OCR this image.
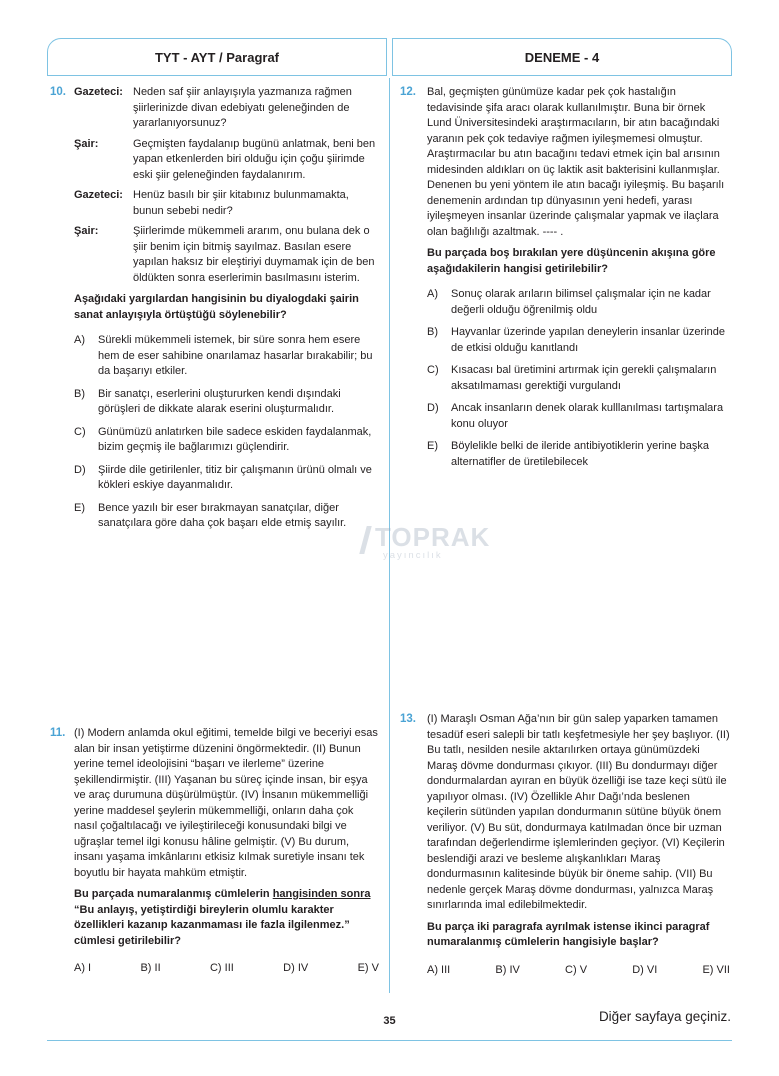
TYT - AYT / Paragraf	DENEME - 4
10. Gazeteci: Neden saf şiir anlayışıyla yazmanıza rağmen şiirlerinizde divan edebiyatı geleneğinden de yararlanıyorsunuz?
Şair:	Geçmişten faydalanıp bugünü anlatmak, beni ben yapan etkenlerden biri olduğu için çoğu şiirimde eski şiir geleneğinden faydalanırım.
Gazeteci: Henüz basılı bir şiir kitabınız bulunmamakta, bunun sebebi nedir?
Şair:	Şiirlerimde mükemmeli ararım, onu bulana dek o şiir benim için bitmiş sayılmaz. Basılan esere yapılan haksız bir eleştiriyi duymamak için de ben öldükten sonra eserlerimin basılmasını isterim.

Aşağıdaki yargılardan hangisinin bu diyalogdaki şairin sanat anlayışıyla örtüştüğü söylenebilir?

A)	Sürekli mükemmeli istemek, bir süre sonra hem esere hem de eser sahibine onarılamaz hasarlar bırakabilir; bu da başarıyı etkiler.
B)	Bir sanatçı, eserlerini oluştururken kendi dışındaki görüşleri de dikkate alarak eserini oluşturmalıdır.
C)	Günümüzü anlatırken bile sadece eskiden faydalanmak, bizim geçmiş ile bağlarımızı güçlendirir.
D)	Şiirde dile getirilenler, titiz bir çalışmanın ürünü olmalı ve kökleri eskiye dayanmalıdır.
E)	Bence yazılı bir eser bırakmayan sanatçılar, diğer sanatçılara göre daha çok başarı elde etmiş sayılır.	TOPRAK
yayıncılık
11. (I) Modern anlamda okul eğitimi, temelde bilgi ve beceriyi esas alan bir insan yetiştirme düzenini öngörmektedir. (II) Bunun yerine temel ideolojisini “başarı ve ilerleme” üzerine şekillendirmiştir. (III) Yaşanan bu süreç içinde insan, bir eşya ve araç durumuna düşürülmüştür. (IV) İnsanın mükemmelliği yerine maddesel şeylerin mükemmelliği, onların daha çok nasıl çoğaltılacağı ve iyileştirileceği konusundaki bilgi ve uğraşlar temel ilgi konusu hâline gelmiştir. (V) Bu durum, insanı yaşama imkânlarını etkisiz kılmak suretiyle insanı tek boyutlu bir hayata mahküm etmiştir.

Bu parçada numaralanmış cümlelerin hangisinden sonra “Bu anlayış, yetiştirdiği bireylerin olumlu karakter özellikleri kazanıp kazanmaması ile fazla ilgilenmez.” cümlesi getirilebilir?

A) I	B) II	C) III	D) IV	E) V
12. Bal, geçmişten günümüze kadar pek çok hastalığın tedavisinde şifa aracı olarak kullanılmıştır. Buna bir örnek Lund Üniversitesindeki araştırmacıların, bir atın bacağındaki yaranın pek çok tedaviye rağmen iyileşmemesi olmuştur. Araştırmacılar bu atın bacağını tedavi etmek için bal arısının midesinden aldıkları on üç laktik asit bakterisini kullanmışlar. Denenen bu yeni yöntem ile atın bacağı iyileşmiş. Bu başarılı denemenin ardından tıp dünyasının yeni hedefi, yarası iyileşmeyen insanlar üzerinde çalışmalar yapmak ve ilaçlara olan bağlılığı azaltmak. ---- .

Bu parçada boş bırakılan yere düşüncenin akışına göre aşağıdakilerin hangisi getirilebilir?

A)	Sonuç olarak arıların bilimsel çalışmalar için ne kadar değerli olduğu öğrenilmiş oldu
B)	Hayvanlar üzerinde yapılan deneylerin insanlar üzerinde de etkisi olduğu kanıtlandı
C)	Kısacası bal üretimini artırmak için gerekli çalışmaların aksatılmaması gerektiği vurgulandı
D)	Ancak insanların denek olarak kulllanılması tartışmalara konu oluyor
E)	Böylelikle belki de ileride antibiyotiklerin yerine başka alternatifler de üretilebilecek
13. (I) Maraşlı Osman Ağa’nın bir gün salep yaparken tamamen tesadüf eseri salepli bir tatlı keşfetmesiyle her şey başlıyor. (II) Bu tatlı, nesilden nesile aktarılırken ortaya günümüzdeki Maraş dövme dondurması çıkıyor. (III) Bu dondurmayı diğer dondurmalardan ayıran en büyük özelliği ise taze keçi sütü ile yapılıyor olması. (IV) Özellikle Ahır Dağı’nda beslenen keçilerin sütünden yapılan dondurmanın sütüne büyük önem veriliyor. (V) Bu süt, dondurmaya katılmadan önce bir uzman tarafından değerlendirme işlemlerinden geçiyor. (VI) Keçilerin beslendiği arazi ve besleme alışkanlıkları Maraş dondurmasının kalitesinde büyük bir öneme sahip. (VII) Bu nedenle gerçek Maraş dövme dondurması, yalnızca Maraş sınırlarında imal edilebilmektedir.

Bu parça iki paragrafa ayrılmak istense ikinci paragraf numaralanmış cümlelerin hangisiyle başlar?

A) III	B) IV	C) V	D) VI	E) VII
35	Diğer sayfaya geçiniz.
